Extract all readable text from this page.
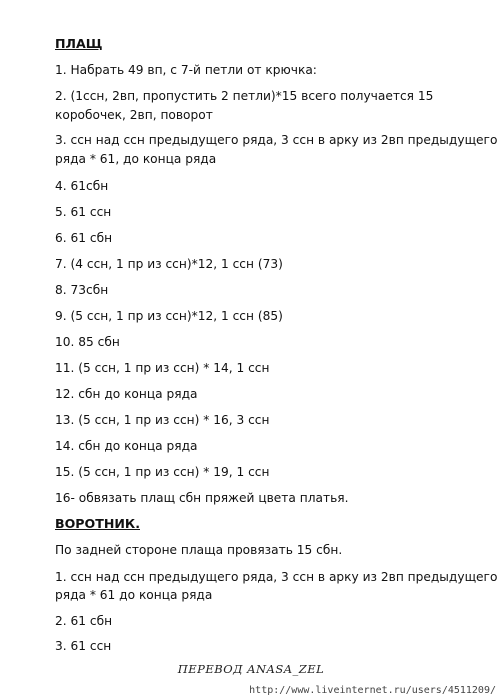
ПЛАЩ
1. Набрать 49 вп, с 7-й петли от крючка:
2. (1ссн, 2вп, пропустить 2 петли)*15 всего получается 15
коробочек, 2вп, поворот
3. ссн над ссн предыдущего ряда, 3 ссн в арку из 2вп предыдущего
ряда * 61, до конца ряда
4. 61сбн
5. 61 ссн
6. 61 сбн
7. (4 ссн, 1 пр из ссн)*12, 1 ссн (73)
8. 73сбн
9. (5 ссн, 1 пр из ссн)*12, 1 ссн (85)
10. 85 сбн
11. (5 ссн, 1 пр из ссн) * 14, 1 ссн
12. сбн до конца ряда
13. (5 ссн, 1 пр из ссн) * 16, 3 ссн
14. сбн до конца ряда
15. (5 ссн, 1 пр из ссн) * 19, 1 ссн
16- обвязать плащ сбн пряжей цвета платья.
ВОРОТНИК.
По задней стороне плаща провязать 15 сбн.
1. ссн над ссн предыдущего ряда, 3 ссн в арку из 2вп предыдущего
ряда * 61 до конца ряда
2. 61 сбн
3. 61 ссн
ПЕРЕВОД ANASA_ZEL
http://www.liveinternet.ru/users/4511209/
